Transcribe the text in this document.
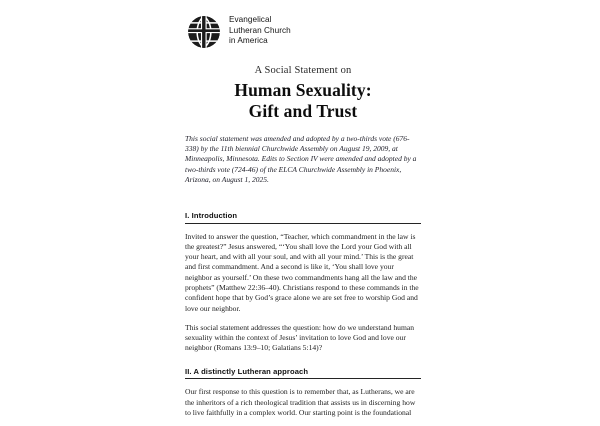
Evangelical
Lutheran Church
in America
A Social Statement on
Human Sexuality:
Gift and Trust
This social statement was amended and adopted by a two-thirds vote (676-338) by the 11th biennial Churchwide Assembly on August 19, 2009, at Minneapolis, Minnesota. Edits to Section IV were amended and adopted by a two-thirds vote (724-46) of the ELCA Churchwide Assembly in Phoenix, Arizona, on August 1, 2025.
I. Introduction

Invited to answer the question, “Teacher, which commandment in the law is the greatest?” Jesus answered, “‘You shall love the Lord your God with all your heart, and with all your soul, and with all your mind.’ This is the great and first commandment. And a second is like it, ‘You shall love your neighbor as yourself.’ On these two commandments hang all the law and the prophets” (Matthew 22:36–40). Christians respond to these commands in the confident hope that by God’s grace alone we are set free to worship God and love our neighbor.

This social statement addresses the question: how do we understand human sexuality within the context of Jesus’ invitation to love God and love our neighbor (Romans 13:9–10; Galatians 5:14)?

II. A distinctly Lutheran approach

Our first response to this question is to remember that, as Lutherans, we are the inheritors of a rich theological tradition that assists us in discerning how to live faithfully in a complex world. Our starting point is the foundational
